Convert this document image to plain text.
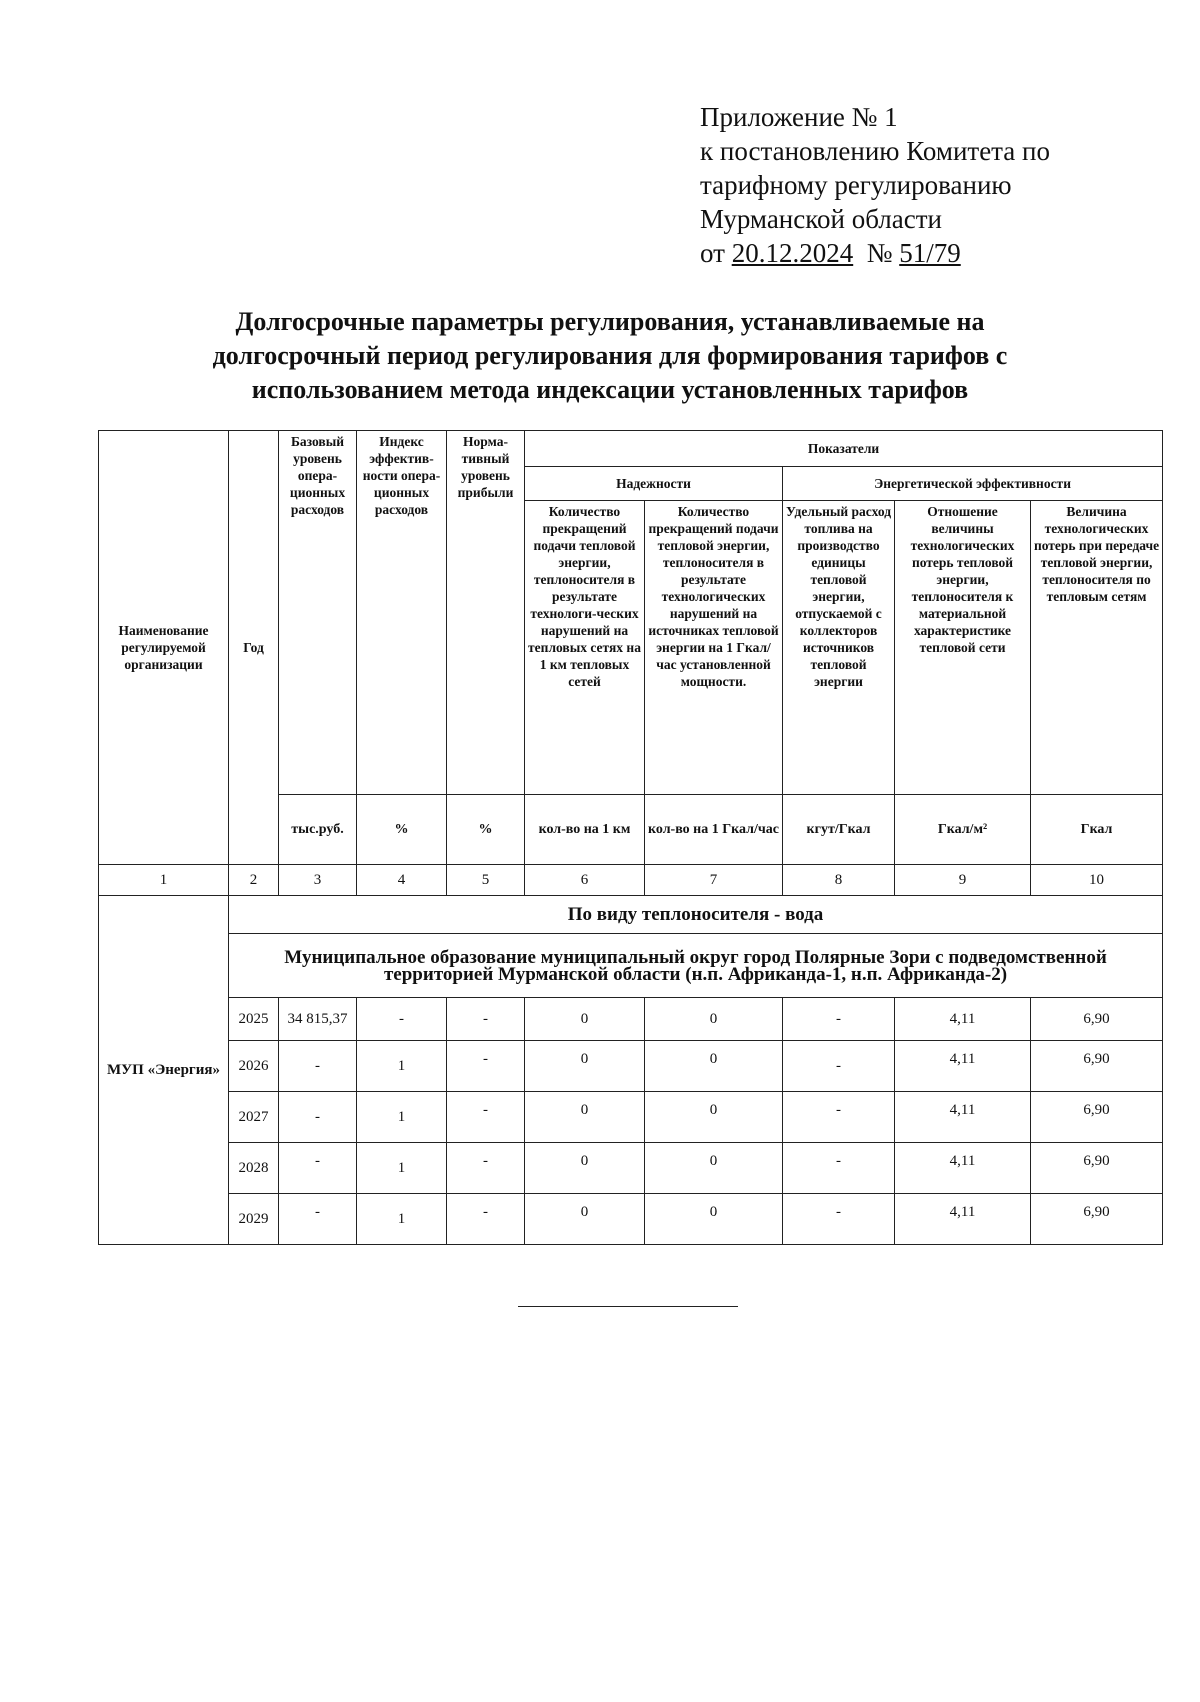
Приложение № 1
к постановлению Комитета по
тарифному регулированию
Мурманской области
от 20.12.2024 № 51/79
Долгосрочные параметры регулирования, устанавливаемые на долгосрочный период регулирования для формирования тарифов с использованием метода индексации установленных тарифов
Наименование регулируемой организации	Год	Базовый уровень опера-ционных расходов	Индекс эффектив-ности опера-ционных расходов	Норма-тивный уровень прибыли	Показатели				
					Надежности		Энергетической эффективности		
					Количество прекращений подачи тепловой энергии, теплоносителя в результате технологи-ческих нарушений на тепловых сетях на 1 км тепловых сетей	Количество прекращений подачи тепловой энергии, теплоносителя в результате технологических нарушений на источниках тепловой энергии на 1 Гкал/час установленной мощности.	Удельный расход топлива на производство единицы тепловой энергии, отпускаемой с коллекторов источников тепловой энергии	Отношение величины технологических потерь тепловой энергии, теплоносителя к материальной характеристике тепловой сети	Величина технологических потерь при передаче тепловой энергии, теплоносителя по тепловым сетям
		тыс.руб.	%	%	кол-во на 1 км	кол-во на 1 Гкал/час	кгут/Гкал	Гкал/м²	Гкал
1	2	3	4	5	6	7	8	9	10
МУП «Энергия»	По виду теплоносителя - вода								
	Муниципальное образование муниципальный округ город Полярные Зори с подведомственной территорией Мурманской области (н.п. Африканда-1, н.п. Африканда-2)								
	2025	34 815,37	-	-	0	0	-	4,11	6,90
	2026	-	1	-	0	0	-	4,11	6,90
	2027	-	1	-	0	0	-	4,11	6,90
	2028	-	1	-	0	0	-	4,11	6,90
	2029	-	1	-	0	0	-	4,11	6,90
